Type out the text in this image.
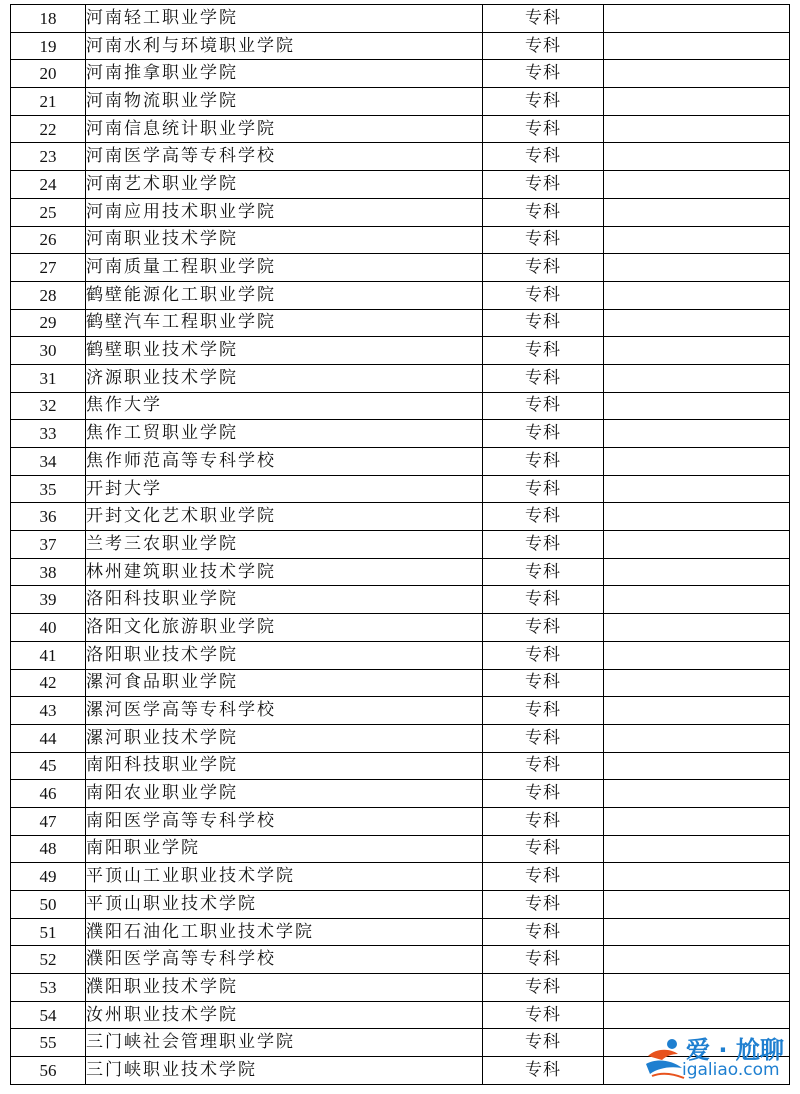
18	河南轻工职业学院	专科	
19	河南水利与环境职业学院	专科	
20	河南推拿职业学院	专科	
21	河南物流职业学院	专科	
22	河南信息统计职业学院	专科	
23	河南医学高等专科学校	专科	
24	河南艺术职业学院	专科	
25	河南应用技术职业学院	专科	
26	河南职业技术学院	专科	
27	河南质量工程职业学院	专科	
28	鹤壁能源化工职业学院	专科	
29	鹤壁汽车工程职业学院	专科	
30	鹤壁职业技术学院	专科	
31	济源职业技术学院	专科	
32	焦作大学	专科	
33	焦作工贸职业学院	专科	
34	焦作师范高等专科学校	专科	
35	开封大学	专科	
36	开封文化艺术职业学院	专科	
37	兰考三农职业学院	专科	
38	林州建筑职业技术学院	专科	
39	洛阳科技职业学院	专科	
40	洛阳文化旅游职业学院	专科	
41	洛阳职业技术学院	专科	
42	漯河食品职业学院	专科	
43	漯河医学高等专科学校	专科	
44	漯河职业技术学院	专科	
45	南阳科技职业学院	专科	
46	南阳农业职业学院	专科	
47	南阳医学高等专科学校	专科	
48	南阳职业学院	专科	
49	平顶山工业职业技术学院	专科	
50	平顶山职业技术学院	专科	
51	濮阳石油化工职业技术学院	专科	
52	濮阳医学高等专科学校	专科	
53	濮阳职业技术学院	专科	
54	汝州职业技术学院	专科	
55	三门峡社会管理职业学院	专科	
56	三门峡职业技术学院	专科	
爱 · 尬聊
igaliao.com
